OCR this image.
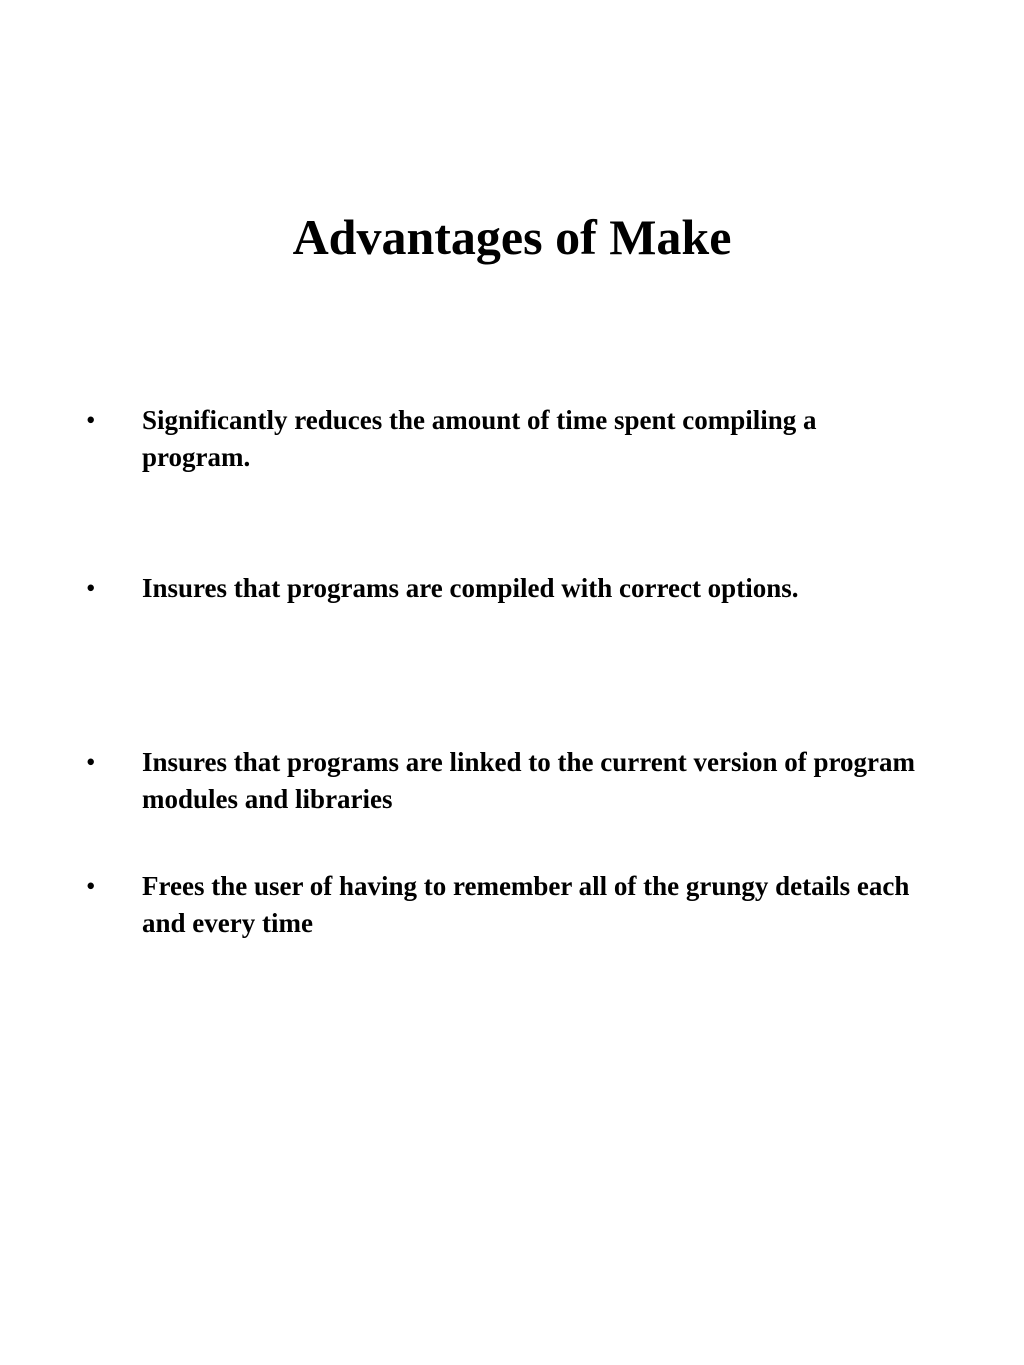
Advantages of Make
•	Significantly reduces the amount of time spent compiling a program.
•	Insures that programs are compiled with correct options.
•	Insures that programs are linked to the current version of program modules and libraries
•	Frees the user of having to remember all of the grungy details each and every time
